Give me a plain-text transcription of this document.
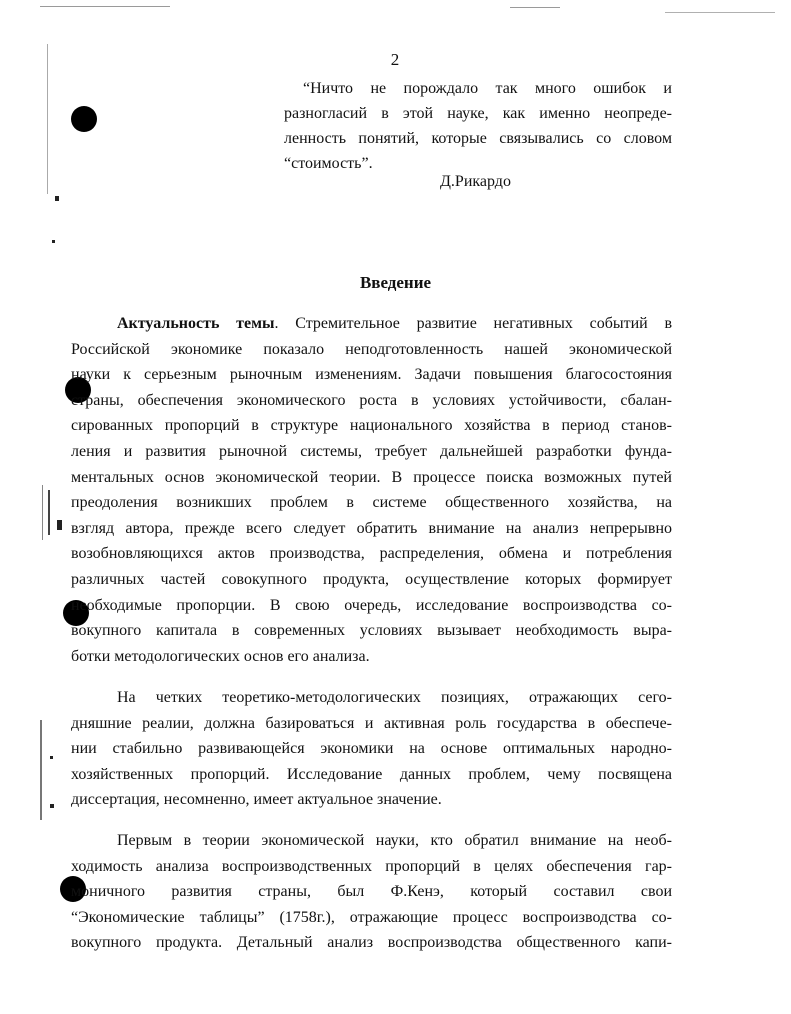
2
“Ничто не порождало так много ошибок и
разногласий в этой науке, как именно неопреде-
ленность понятий, которые связывались со словом
“стоимость”.
Д.Рикардо
Введение
Актуальность темы. Стремительное развитие негативных событий в
Российской экономике показало неподготовленность нашей экономической
науки к серьезным рыночным изменениям. Задачи повышения благосостояния
страны, обеспечения экономического роста в условиях устойчивости, сбалан-
сированных пропорций в структуре национального хозяйства в период станов-
ления и развития рыночной системы, требует дальнейшей разработки фунда-
ментальных основ экономической теории. В процессе поиска возможных путей
преодоления возникших проблем в системе общественного хозяйства, на
взгляд автора, прежде всего следует обратить внимание на анализ непрерывно
возобновляющихся актов производства, распределения, обмена и потребления
различных частей совокупного продукта, осуществление которых формирует
необходимые пропорции. В свою очередь, исследование воспроизводства со-
вокупного капитала в современных условиях вызывает необходимость выра-
ботки методологических основ его анализа.
На четких теоретико-методологических позициях, отражающих сего-
дняшние реалии, должна базироваться и активная роль государства в обеспече-
нии стабильно развивающейся экономики на основе оптимальных народно-
хозяйственных пропорций. Исследование данных проблем, чему посвящена
диссертация, несомненно, имеет актуальное значение.
Первым в теории экономической науки, кто обратил внимание на необ-
ходимость анализа воспроизводственных пропорций в целях обеспечения гар-
моничного развития страны, был Ф.Кенэ, который составил свои
“Экономические таблицы” (1758г.), отражающие процесс воспроизводства со-
вокупного продукта. Детальный анализ воспроизводства общественного капи-
